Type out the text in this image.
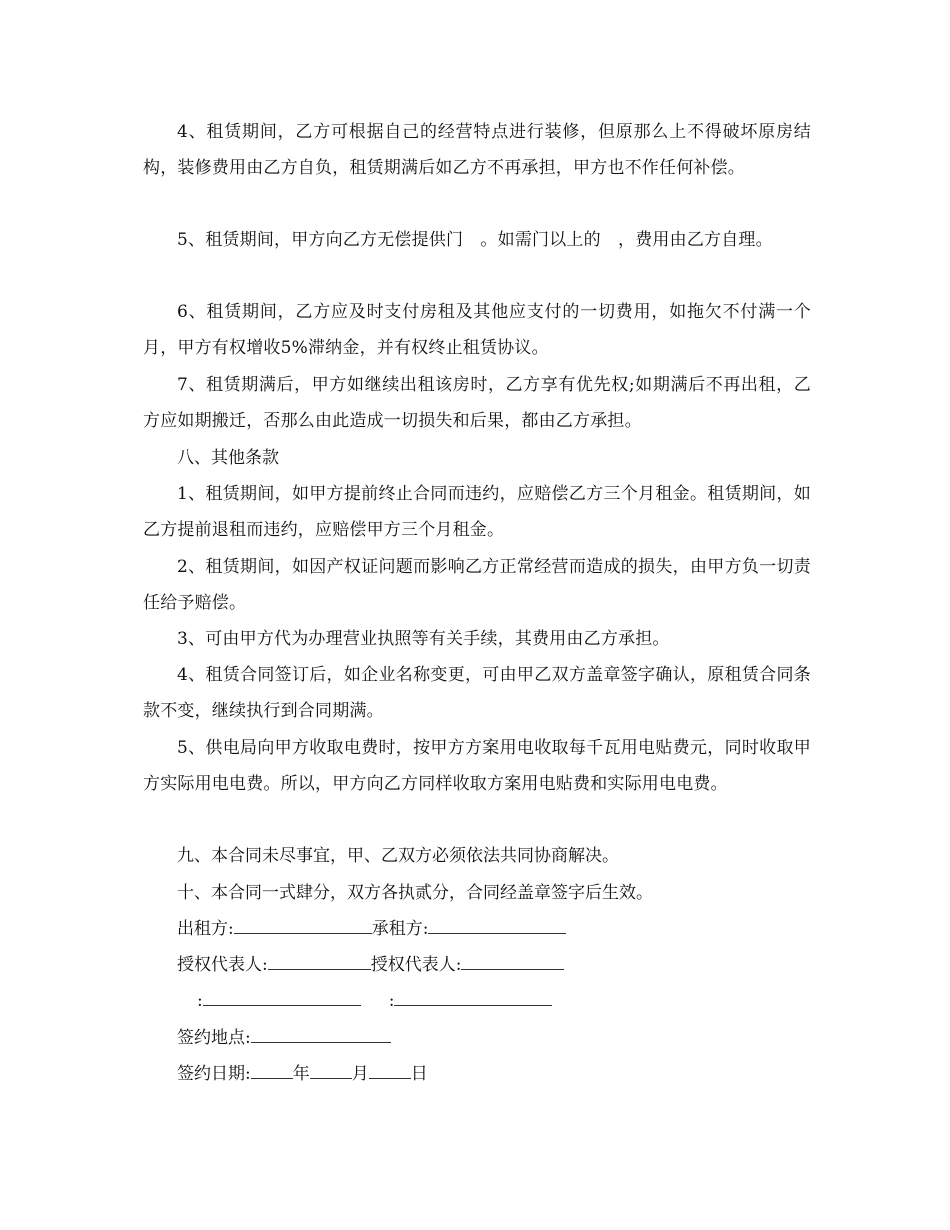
4、租赁期间，乙方可根据自己的经营特点进行装修，但原那么上不得破坏原房结构，装修费用由乙方自负，租赁期满后如乙方不再承担，甲方也不作任何补偿。

5、租赁期间，甲方向乙方无偿提供门　。如需门以上的　，费用由乙方自理。

6、租赁期间，乙方应及时支付房租及其他应支付的一切费用，如拖欠不付满一个月，甲方有权增收5%滞纳金，并有权终止租赁协议。

7、租赁期满后，甲方如继续出租该房时，乙方享有优先权;如期满后不再出租，乙方应如期搬迁，否那么由此造成一切损失和后果，都由乙方承担。

八、其他条款

1、租赁期间，如甲方提前终止合同而违约，应赔偿乙方三个月租金。租赁期间，如乙方提前退租而违约，应赔偿甲方三个月租金。

2、租赁期间，如因产权证问题而影响乙方正常经营而造成的损失，由甲方负一切责任给予赔偿。

3、可由甲方代为办理营业执照等有关手续，其费用由乙方承担。

4、租赁合同签订后，如企业名称变更，可由甲乙双方盖章签字确认，原租赁合同条款不变，继续执行到合同期满。

5、供电局向甲方收取电费时，按甲方方案用电收取每千瓦用电贴费元，同时收取甲方实际用电电费。所以，甲方向乙方同样收取方案用电贴费和实际用电电费。

九、本合同未尽事宜，甲、乙双方必须依法共同协商解决。

十、本合同一式肆分，双方各执贰分，合同经盖章签字后生效。

出租方:	承租方:

授权代表人:	授权代表人:

:	:

签约地点:

签约日期: 年 月 日
